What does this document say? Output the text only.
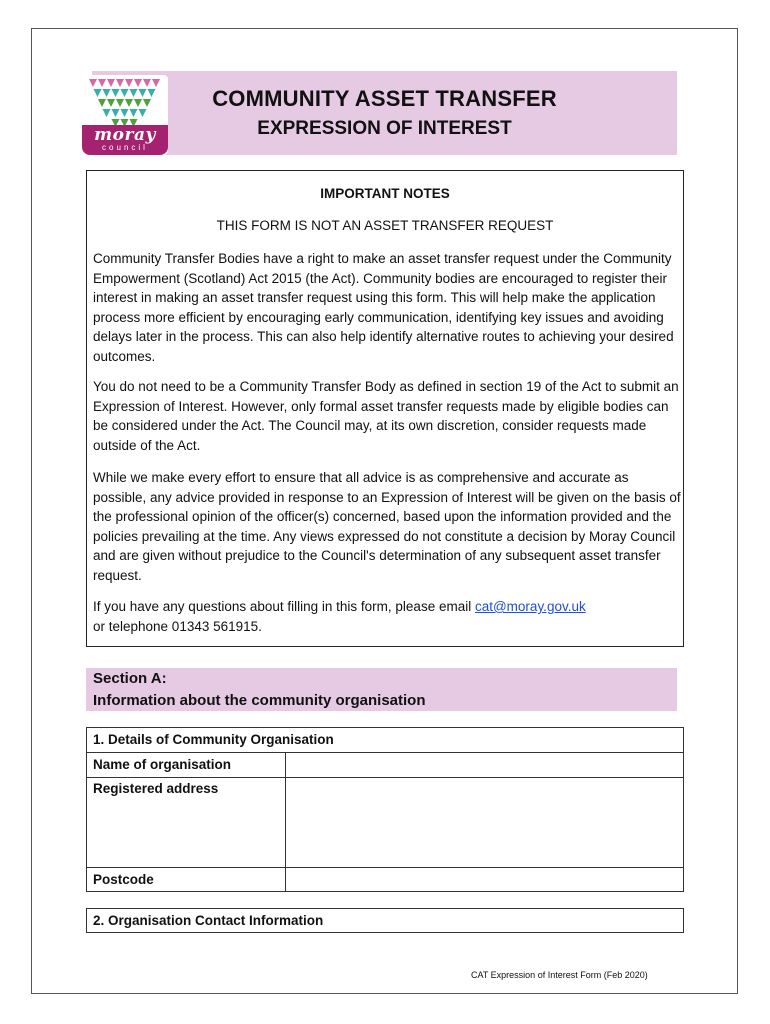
moray
council
COMMUNITY ASSET TRANSFER
EXPRESSION OF INTEREST
IMPORTANT NOTES
THIS FORM IS NOT AN ASSET TRANSFER REQUEST

Community Transfer Bodies have a right to make an asset transfer request under the Community Empowerment (Scotland) Act 2015 (the Act). Community bodies are encouraged to register their interest in making an asset transfer request using this form. This will help make the application process more efficient by encouraging early communication, identifying key issues and avoiding delays later in the process. This can also help identify alternative routes to achieving your desired outcomes.

You do not need to be a Community Transfer Body as defined in section 19 of the Act to submit an Expression of Interest. However, only formal asset transfer requests made by eligible bodies can be considered under the Act. The Council may, at its own discretion, consider requests made outside of the Act.

While we make every effort to ensure that all advice is as comprehensive and accurate as possible, any advice provided in response to an Expression of Interest will be given on the basis of the professional opinion of the officer(s) concerned, based upon the information provided and the policies prevailing at the time. Any views expressed do not constitute a decision by Moray Council and are given without prejudice to the Council's determination of any subsequent asset transfer request.

If you have any questions about filling in this form, please email cat@moray.gov.uk
or telephone 01343 561915.

Section A:
Information about the community organisation
1. Details of Community Organisation
Name of organisation
Registered address
Postcode
2. Organisation Contact Information
CAT Expression of Interest Form (Feb 2020)
